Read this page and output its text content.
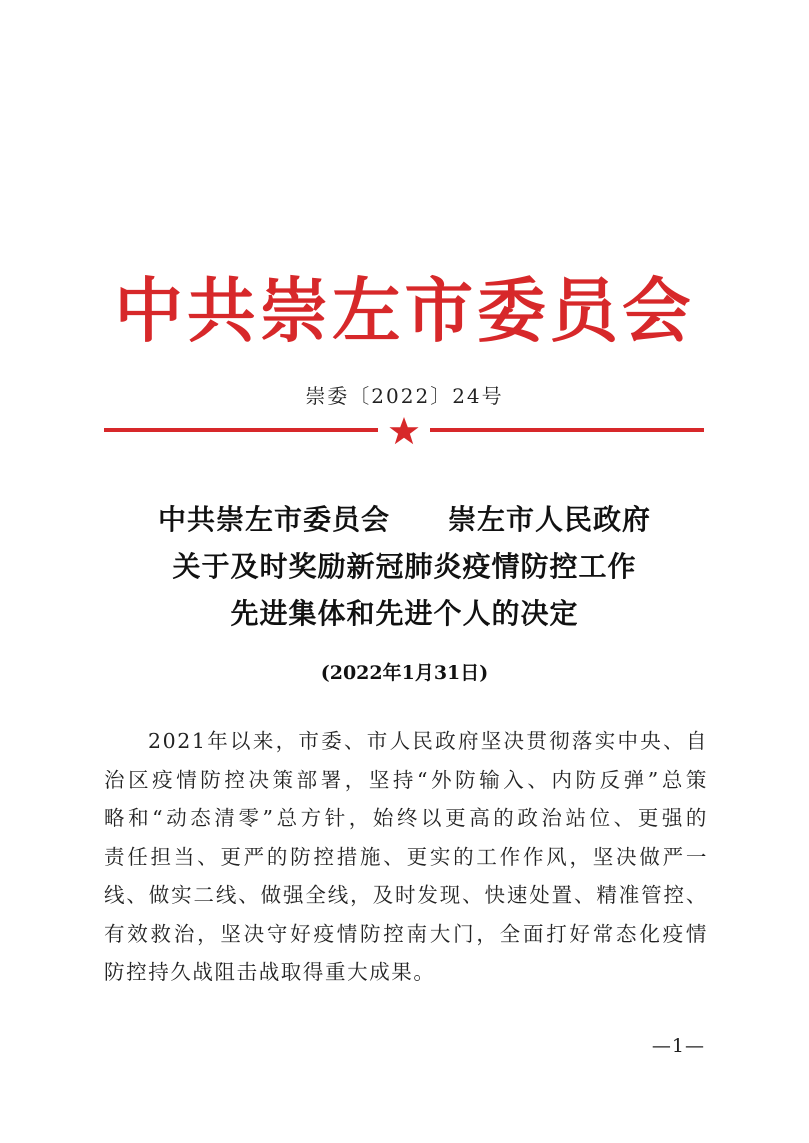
中共崇左市委员会
崇委〔2022〕24号
中共崇左市委员会　　崇左市人民政府
关于及时奖励新冠肺炎疫情防控工作
先进集体和先进个人的决定
(2022年1月31日)
2021年以来，市委、市人民政府坚决贯彻落实中央、自
治区疫情防控决策部署，坚持“外防输入、内防反弹”总策
略和“动态清零”总方针，始终以更高的政治站位、更强的
责任担当、更严的防控措施、更实的工作作风，坚决做严一
线、做实二线、做强全线，及时发现、快速处置、精准管控、
有效救治，坚决守好疫情防控南大门，全面打好常态化疫情
防控持久战阻击战取得重大成果。
—1—
